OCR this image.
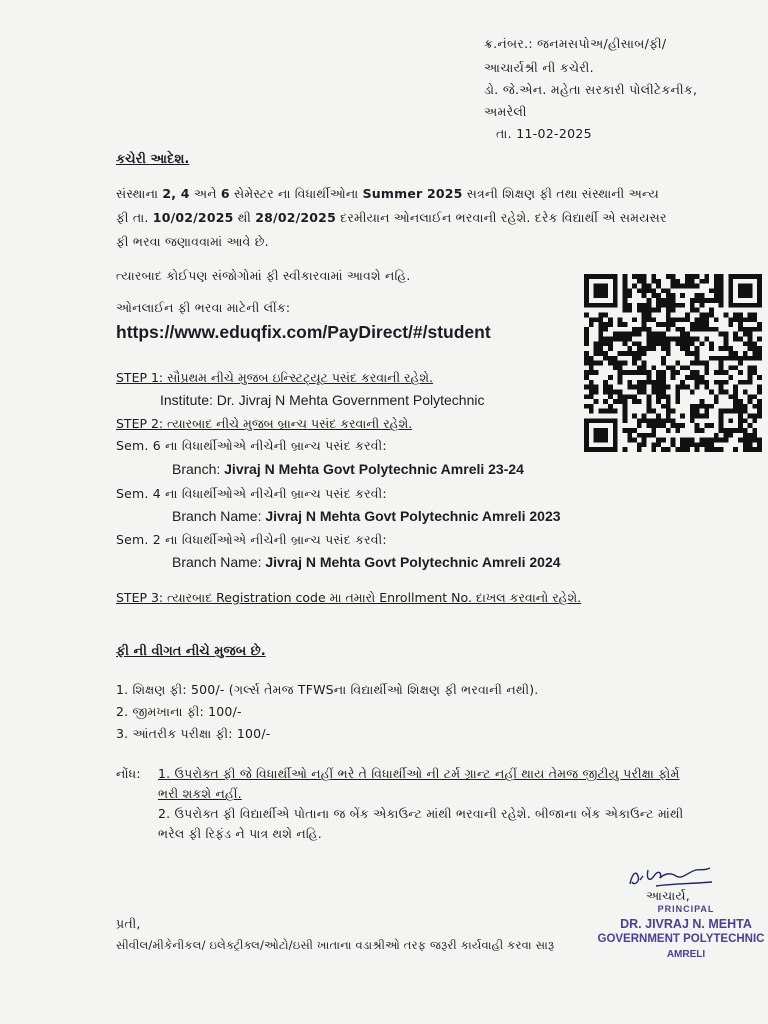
ક્ર.નંબર.: જનમસપોઅ/હીસાબ/ફી/
આચાર્યશ્રી ની કચેરી.
ડો. જે.એન. મહેતા સરકારી પોલીટેકનીક,
અમરેલી
તા. 11-02-2025
કચેરી આદેશ.
સંસ્થાના 2, 4 અને 6 સેમેસ્ટર ના વિધાર્થીઓના Summer 2025 સત્રની શિક્ષણ ફી તથા સંસ્થાની અન્ય
ફી તા. 10/02/2025 થી 28/02/2025 દરમીયાન ઓનલાઈન ભરવાની રહેશે. દરેક વિદ્યાર્થી એ સમયસર
ફી ભરવા જણાવવામાં આવે છે.
ત્યારબાદ કોઈપણ સંજોગોમાં ફી સ્વીકારવામાં આવશે નહિ.
ઓનલાઈન ફી ભરવા માટેની લીંક:
https://www.eduqfix.com/PayDirect/#/student
STEP 1: સૌપ્રથમ નીચે મુજબ ઇન્સ્ટિટ્યૂટ પસંદ કરવાની રહેશે.
Institute: Dr. Jivraj N Mehta Government Polytechnic
STEP 2: ત્યારબાદ નીચે મુજબ બ્રાન્ચ પસંદ કરવાની રહેશે.
Sem. 6 ના વિધાર્થીઓએ નીચેની બ્રાન્ચ પસંદ કરવી:
Branch: Jivraj N Mehta Govt Polytechnic Amreli 23-24
Sem. 4 ના વિધાર્થીઓએ નીચેની બ્રાન્ચ પસંદ કરવી:
Branch Name: Jivraj N Mehta Govt Polytechnic Amreli 2023
Sem. 2 ના વિધાર્થીઓએ નીચેની બ્રાન્ચ પસંદ કરવી:
Branch Name: Jivraj N Mehta Govt Polytechnic Amreli 2024
STEP 3: ત્યારબાદ Registration code મા તમારો Enrollment No. દાખલ કરવાનો રહેશે.
ફી ની વીગત નીચે મુજબ છે.
1. શિક્ષણ ફી: 500/- (ગર્લ્સ તેમજ TFWSના વિદ્યાર્થીઓ શિક્ષણ ફી ભરવાની નથી).
2. જીમખાના ફી: 100/-
3. આંતરીક પરીક્ષા ફી: 100/-
નોંધ: 1. ઉપરોક્ત ફી જે વિધાર્થીઓ નહીં ભરે તે વિધાર્થીઓ ની ટર્મ ગ્રાન્ટ નહીં થાય તેમજ જીટીયુ પરીક્ષા ફોર્મ
ભરી શકશે નહીં.
2. ઉપરોક્ત ફી વિદ્યાર્થીએ પોતાના જ બેંક એકાઉન્ટ માંથી ભરવાની રહેશે. બીજાના બેંક એકાઉન્ટ માંથી
ભરેલ ફી રિફંડ ને પાત્ર થશે નહિ.
આચાર્ય,
PRINCIPAL
DR. JIVRAJ N. MEHTA
GOVERNMENT POLYTECHNIC
AMRELI
પ્રતી,
સીવીલ/મીકેનીકલ/ ઇલેક્ટ્રીક્લ/ઓટો/ઇસી ખાતાના વડાશ્રીઓ તરફ જરૂરી કાર્યવાહી કરવા સારૂ
